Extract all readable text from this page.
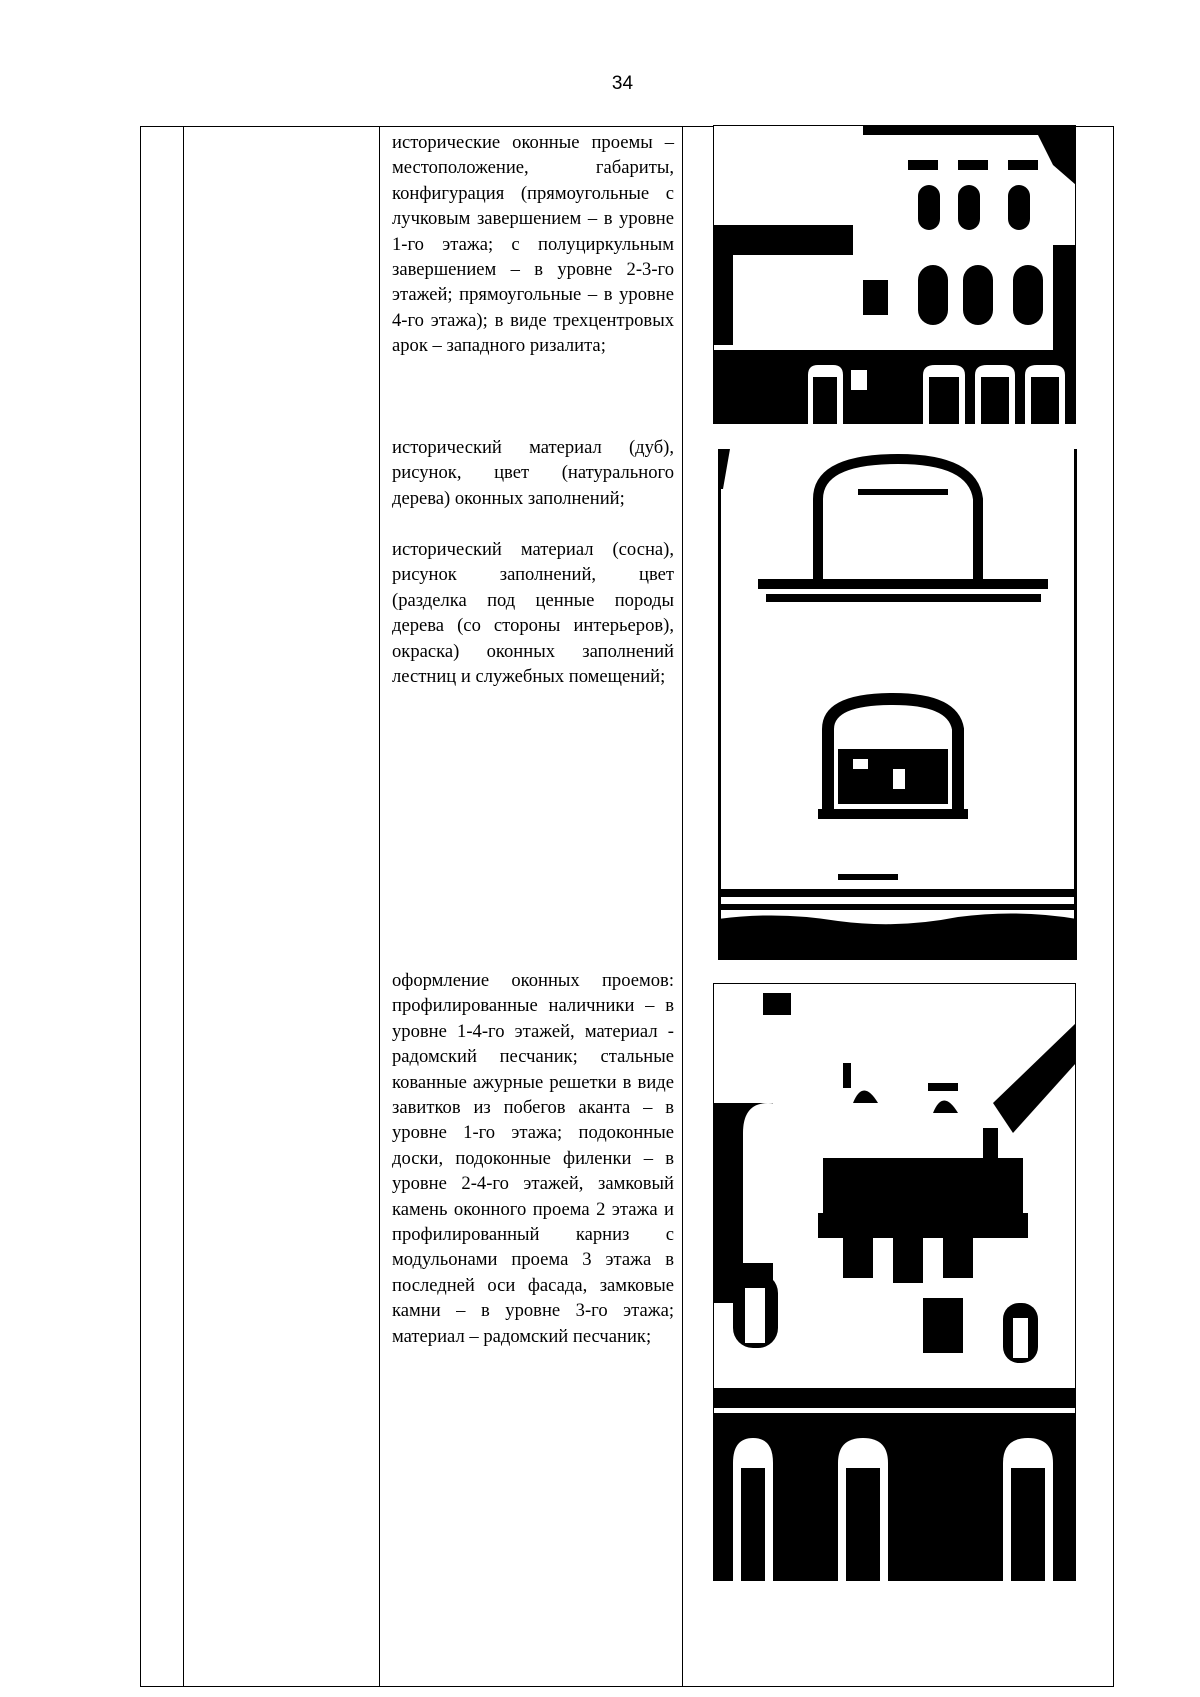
34

исторические оконные проемы – местоположение, габариты, конфигурация (прямоугольные с лучковым завершением – в уровне 1-го этажа; с полуциркульным завершением – в уровне 2-3-го этажей; прямоугольные – в уровне 4-го этажа); в виде трехцентровых арок – западного ризалита;

исторический материал (дуб), рисунок, цвет (натурального дерева) оконных заполнений;

исторический материал (сосна), рисунок заполнений, цвет (разделка под ценные породы дерева (со стороны интерьеров), окраска) оконных заполнений лестниц и служебных помещений;

оформление оконных проемов: профилированные наличники – в уровне 1-4-го этажей, материал - радомский песчаник; стальные кованные ажурные решетки в виде завитков из побегов аканта – в уровне 1-го этажа; подоконные доски, подоконные филенки – в уровне 2-4-го этажей, замковый камень оконного проема 2 этажа и профилированный карниз с модульонами проема 3 этажа в последней оси фасада, замковые камни – в уровне 3-го этажа; материал – радомский песчаник;
